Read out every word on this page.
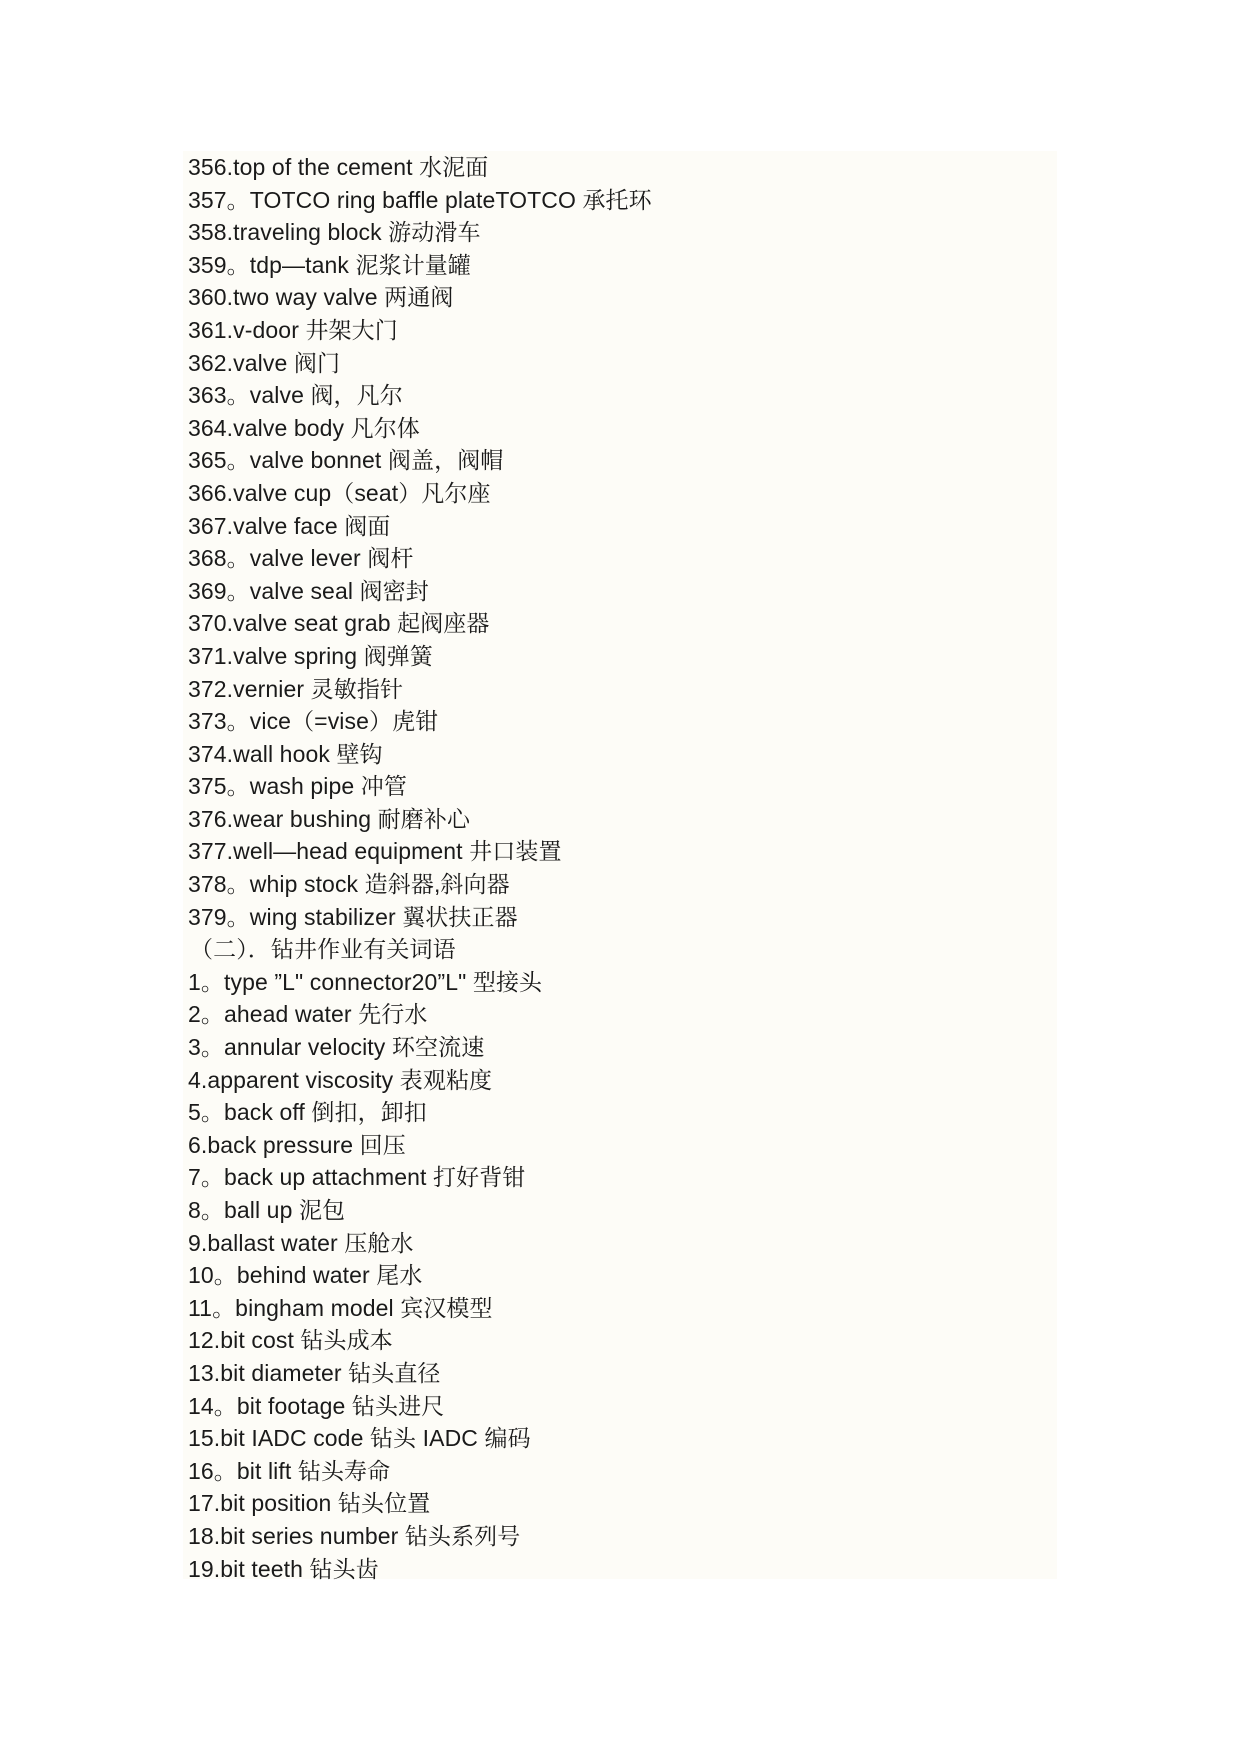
356.top of the cement 水泥面
357。TOTCO ring baffle plateTOTCO 承托环
358.traveling block 游动滑车
359。tdp—tank 泥浆计量罐
360.two way valve 两通阀
361.v-door 井架大门
362.valve 阀门
363。valve 阀，凡尔
364.valve body 凡尔体
365。valve bonnet 阀盖，阀帽
366.valve cup（seat）凡尔座
367.valve face 阀面
368。valve lever 阀杆
369。valve seal 阀密封
370.valve seat grab 起阀座器
371.valve spring 阀弹簧
372.vernier 灵敏指针
373。vice（=vise）虎钳
374.wall hook 壁钩
375。wash pipe 冲管
376.wear bushing 耐磨补心
377.well—head equipment 井口装置
378。whip stock 造斜器,斜向器
379。wing stabilizer 翼状扶正器
（二）．钻井作业有关词语
1。type ”L" connector20”L" 型接头
2。ahead water 先行水
3。annular velocity 环空流速
4.apparent viscosity 表观粘度
5。back off 倒扣，卸扣
6.back pressure 回压
7。back up attachment 打好背钳
8。ball up 泥包
9.ballast water 压舱水
10。behind water 尾水
11。bingham model 宾汉模型
12.bit cost 钻头成本
13.bit diameter 钻头直径
14。bit footage 钻头进尺
15.bit IADC code 钻头 IADC 编码
16。bit lift 钻头寿命
17.bit position 钻头位置
18.bit series number 钻头系列号
19.bit teeth 钻头齿
